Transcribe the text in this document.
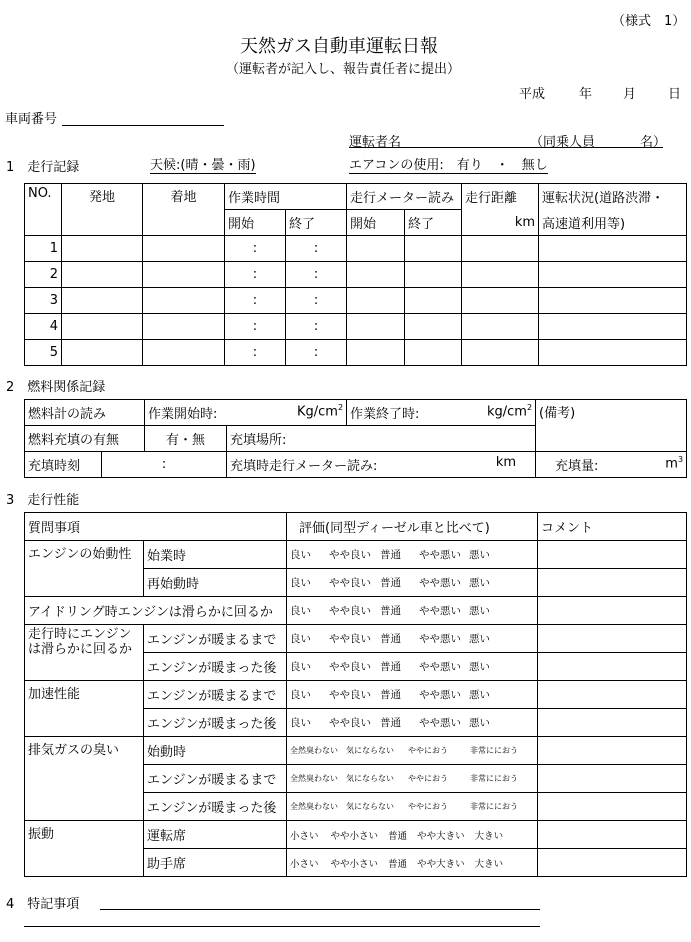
（様式　1）
天然ガス自動車運転日報
（運転者が記入し、報告責任者に提出）
平成	年 月 日
車両番号
運転者名	（同乗人員	名）
1　走行記録	天候:(晴・曇・雨)	エアコンの使用:　有り　・　無し
NO.	発地	着地	作業時間		走行メーター読み		走行距離	運転状況(道路渋滞・
			開始	終了	開始	終了	km	高速道利用等)
1			:	:				
2			:	:				
3			:	:				
4			:	:				
5			:	:				
2　燃料関係記録
燃料計の読み		作業開始時: $Kg/cm^2$		作業終了時: $kg/cm^2$	(備考)
燃料充填の有無		有・無	充填場所:		
充填時刻	:		充填時走行メーター読み: km		充填量: $m^3$
3　走行性能
質問事項		評価(同型ディーゼル車と比べて)	コメント
エンジンの始動性	始業時	良い やや良い 普通 やや悪い 悪い	
	再始動時	良い やや良い 普通 やや悪い 悪い	
アイドリング時エンジンは滑らかに回るか		良い やや良い 普通 やや悪い 悪い	
走行時にエンジンは滑らかに回るか	エンジンが暖まるまで	良い やや良い 普通 やや悪い 悪い	
	エンジンが暖まった後	良い やや良い 普通 やや悪い 悪い	
加速性能	エンジンが暖まるまで	良い やや良い 普通 やや悪い 悪い	
	エンジンが暖まった後	良い やや良い 普通 やや悪い 悪い	
排気ガスの臭い	始動時	全然臭わない 気にならない ややにおう 非常ににおう	
	エンジンが暖まるまで	全然臭わない 気にならない ややにおう 非常ににおう	
	エンジンが暖まった後	全然臭わない 気にならない ややにおう 非常ににおう	
振動	運転席	小さい やや小さい 普通 やや大きい 大きい	
	助手席	小さい やや小さい 普通 やや大きい 大きい	
4　特記事項
